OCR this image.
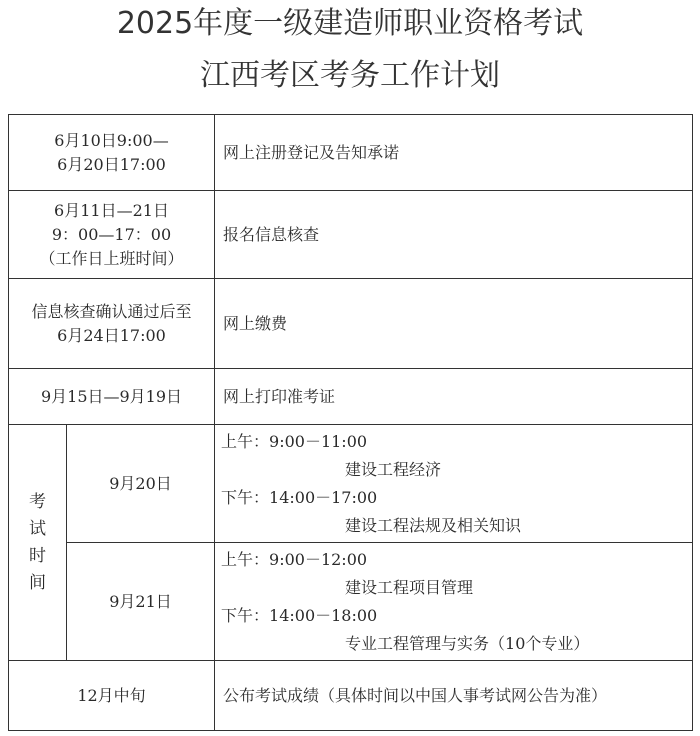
2025年度一级建造师职业资格考试
江西考区考务工作计划
6月10日9:00—
6月20日17:00		网上注册登记及告知承诺

6月11日—21日
9：00—17：00
（工作日上班时间）		报名信息核查

信息核查确认通过后至
6月24日17:00		网上缴费

9月15日—9月19日		网上打印准考证

考
试
时
间	9月20日	上午：9:00－11:00
建设工程经济
下午：14:00－17:00
建设工程法规及相关知识

	9月21日	上午：9:00－12:00
建设工程项目管理
下午：14:00－18:00
专业工程管理与实务（10个专业）

12月中旬		公布考试成绩（具体时间以中国人事考试网公告为准）
